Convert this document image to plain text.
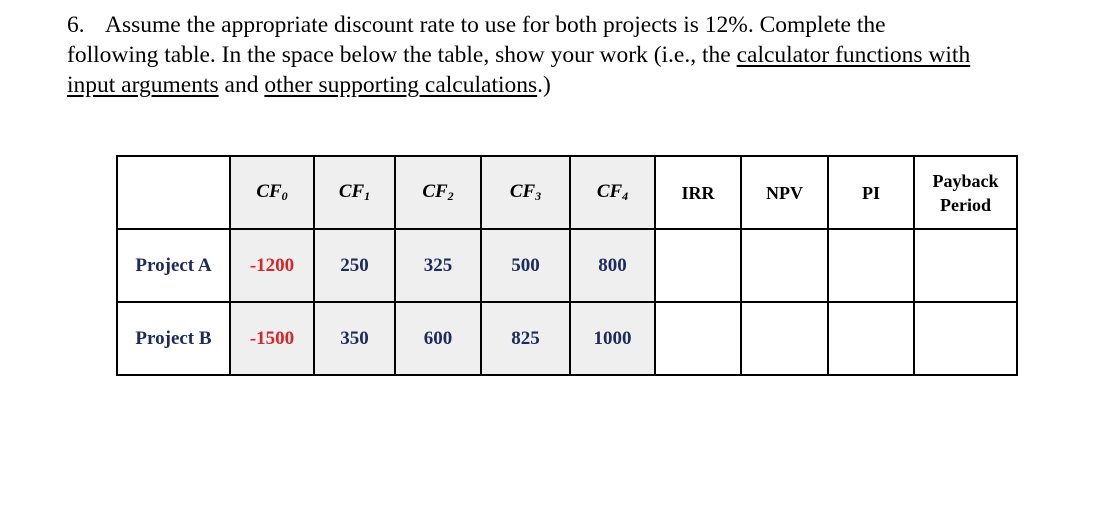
6. Assume the appropriate discount rate to use for both projects is 12%. Complete the
following table. In the space below the table, show your work (i.e., the calculator functions with
input arguments and other supporting calculations.)
	$CF_0$	$CF_1$	$CF_2$	$CF_3$	$CF_4$	IRR	NPV	PI	Payback
Period
Project A	-1200	250	325	500	800				
Project B	-1500	350	600	825	1000				
